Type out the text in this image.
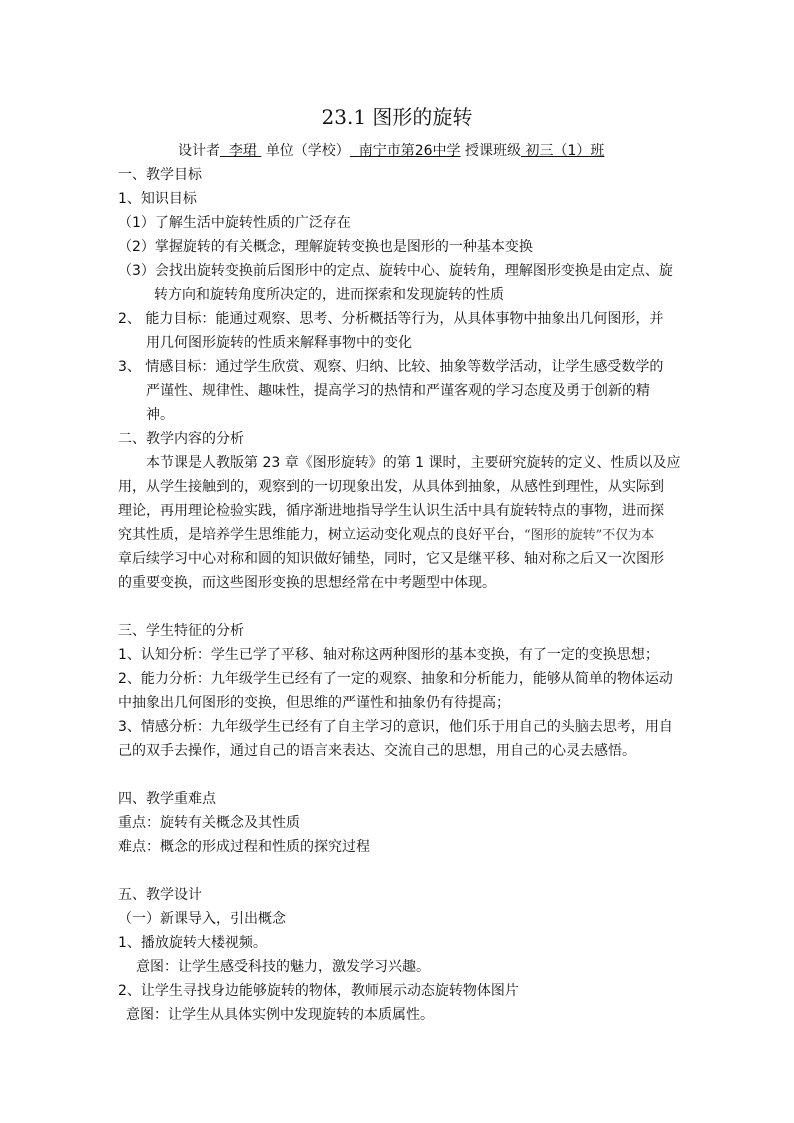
23.1 图形的旋转
设计者 李珺 单位（学校） 南宁市第26中学 授课班级 初三（1）班
一、教学目标
1、知识目标
（1）了解生活中旋转性质的广泛存在
（2）掌握旋转的有关概念，理解旋转变换也是图形的一种基本变换
（3）会找出旋转变换前后图形中的定点、旋转中心、旋转角，理解图形变换是由定点、旋
转方向和旋转角度所决定的，进而探索和发现旋转的性质
2、 能力目标：能通过观察、思考、分析概括等行为，从具体事物中抽象出几何图形，并
用几何图形旋转的性质来解释事物中的变化
3、 情感目标：通过学生欣赏、观察、归纳、比较、抽象等数学活动，让学生感受数学的
严谨性、规律性、趣味性，提高学习的热情和严谨客观的学习态度及勇于创新的精
神。
二、教学内容的分析
本节课是人教版第 23 章《图形旋转》的第 1 课时，主要研究旋转的定义、性质以及应
用，从学生接触到的，观察到的一切现象出发，从具体到抽象，从感性到理性，从实际到
理论，再用理论检验实践，循序渐进地指导学生认识生活中具有旋转特点的事物，进而探
究其性质，是培养学生思维能力，树立运动变化观点的良好平台，“图形的旋转”不仅为本
章后续学习中心对称和圆的知识做好铺垫，同时，它又是继平移、轴对称之后又一次图形
的重要变换，而这些图形变换的思想经常在中考题型中体现。
三、学生特征的分析
1、认知分析：学生已学了平移、轴对称这两种图形的基本变换，有了一定的变换思想；
2、能力分析：九年级学生已经有了一定的观察、抽象和分析能力，能够从简单的物体运动
中抽象出几何图形的变换，但思维的严谨性和抽象仍有待提高；
3、情感分析：九年级学生已经有了自主学习的意识，他们乐于用自己的头脑去思考，用自
己的双手去操作，通过自己的语言来表达、交流自己的思想，用自己的心灵去感悟。
四、教学重难点
重点：旋转有关概念及其性质
难点：概念的形成过程和性质的探究过程
五、教学设计
（一）新课导入，引出概念
1、播放旋转大楼视频。
意图：让学生感受科技的魅力，激发学习兴趣。
2、让学生寻找身边能够旋转的物体，教师展示动态旋转物体图片
意图：让学生从具体实例中发现旋转的本质属性。
